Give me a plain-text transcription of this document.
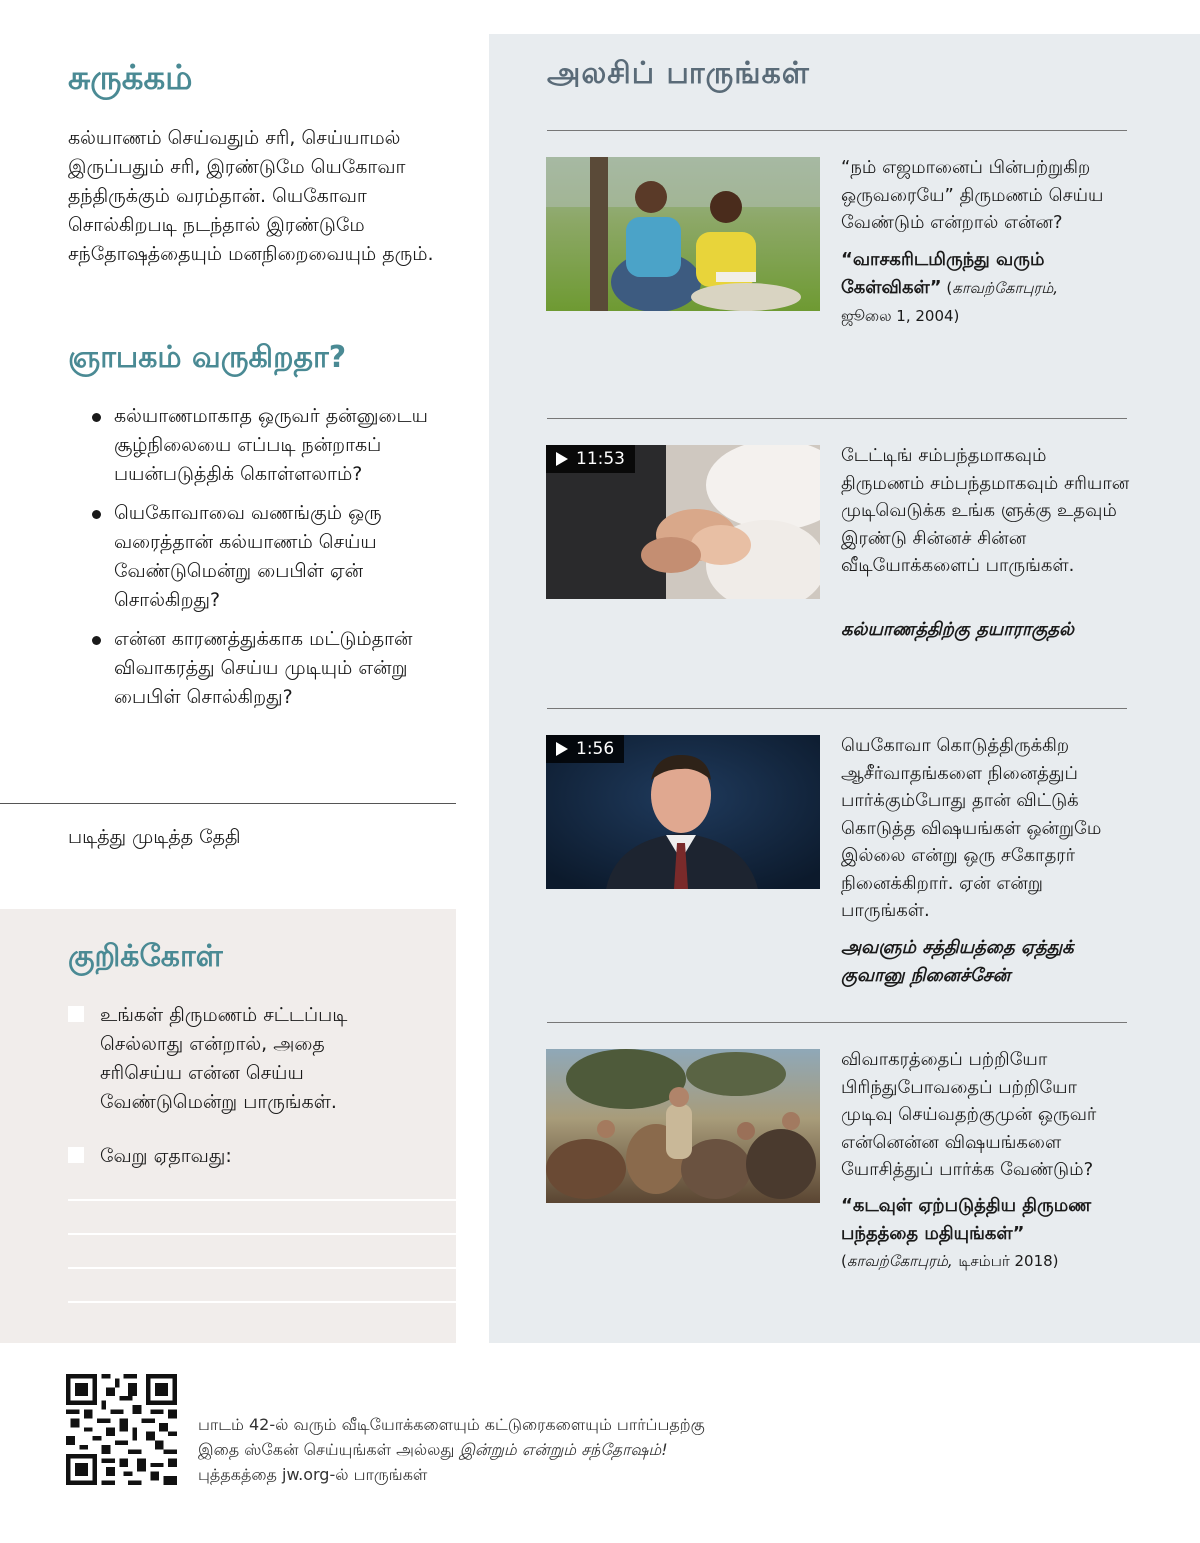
சுருக்கம்

கல்யாணம் செய்வதும் சரி, செய்யாமல் இருப்பதும் சரி, இரண்டுமே யெகோவா தந்திருக்கும் வரம்தான். யெகோவா சொல்கிறபடி நடந்தால் இரண்டுமே சந்தோஷத்தையும் மனநிறைவையும் தரும்.

ஞாபகம் வருகிறதா?
கல்யாணமாகாத ஒருவர் தன்னுடைய சூழ்நிலையை எப்படி நன்றாகப் பயன்படுத்திக் கொள்ளலாம்?
யெகோவாவை வணங்கும் ஒரு வரைத்தான் கல்யாணம் செய்ய வேண்டுமென்று பைபிள் ஏன் சொல்கிறது?
என்ன காரணத்துக்காக மட்டும்தான் விவாகரத்து செய்ய முடியும் என்று பைபிள் சொல்கிறது?
படித்து முடித்த தேதி
குறிக்கோள்
உங்கள் திருமணம் சட்டப்படி செல்லாது என்றால், அதை சரிசெய்ய என்ன செய்ய வேண்டுமென்று பாருங்கள்.
வேறு ஏதாவது:
அலசிப் பாருங்கள்
“நம் எஜமானைப் பின்பற்றுகிற ஒருவரையே” திருமணம் செய்ய வேண்டும் என்றால் என்ன?
“வாசகரிடமிருந்து வரும் கேள்விகள்” (காவற்கோபுரம்,
ஜூலை 1, 2004)
11:53	டேட்டிங் சம்பந்தமாகவும் திருமணம் சம்பந்தமாகவும் சரியான முடிவெடுக்க உங்க ளுக்கு உதவும் இரண்டு சின்னச் சின்ன வீடியோக்களைப் பாருங்கள்.
கல்யாணத்திற்கு தயாராகுதல்
1:56	யெகோவா கொடுத்திருக்கிற ஆசீர்வாதங்களை நினைத்துப் பார்க்கும்போது தான் விட்டுக் கொடுத்த விஷயங்கள் ஒன்றுமே இல்லை என்று ஒரு சகோதரர் நினைக்கிறார். ஏன் என்று பாருங்கள்.
அவளும் சத்தியத்தை ஏத்துக் குவானு நினைச்சேன்
விவாகரத்தைப் பற்றியோ பிரிந்துபோவதைப் பற்றியோ முடிவு செய்வதற்குமுன் ஒருவர் என்னென்ன விஷயங்களை யோசித்துப் பார்க்க வேண்டும்?
“கடவுள் ஏற்படுத்திய திருமண பந்தத்தை மதியுங்கள்”
(காவற்கோபுரம், டிசம்பர் 2018)
பாடம் 42-ல் வரும் வீடியோக்களையும் கட்டுரைகளையும் பார்ப்பதற்கு இதை ஸ்கேன் செய்யுங்கள் அல்லது இன்றும் என்றும் சந்தோஷம்! புத்தகத்தை jw.org-ல் பாருங்கள்
